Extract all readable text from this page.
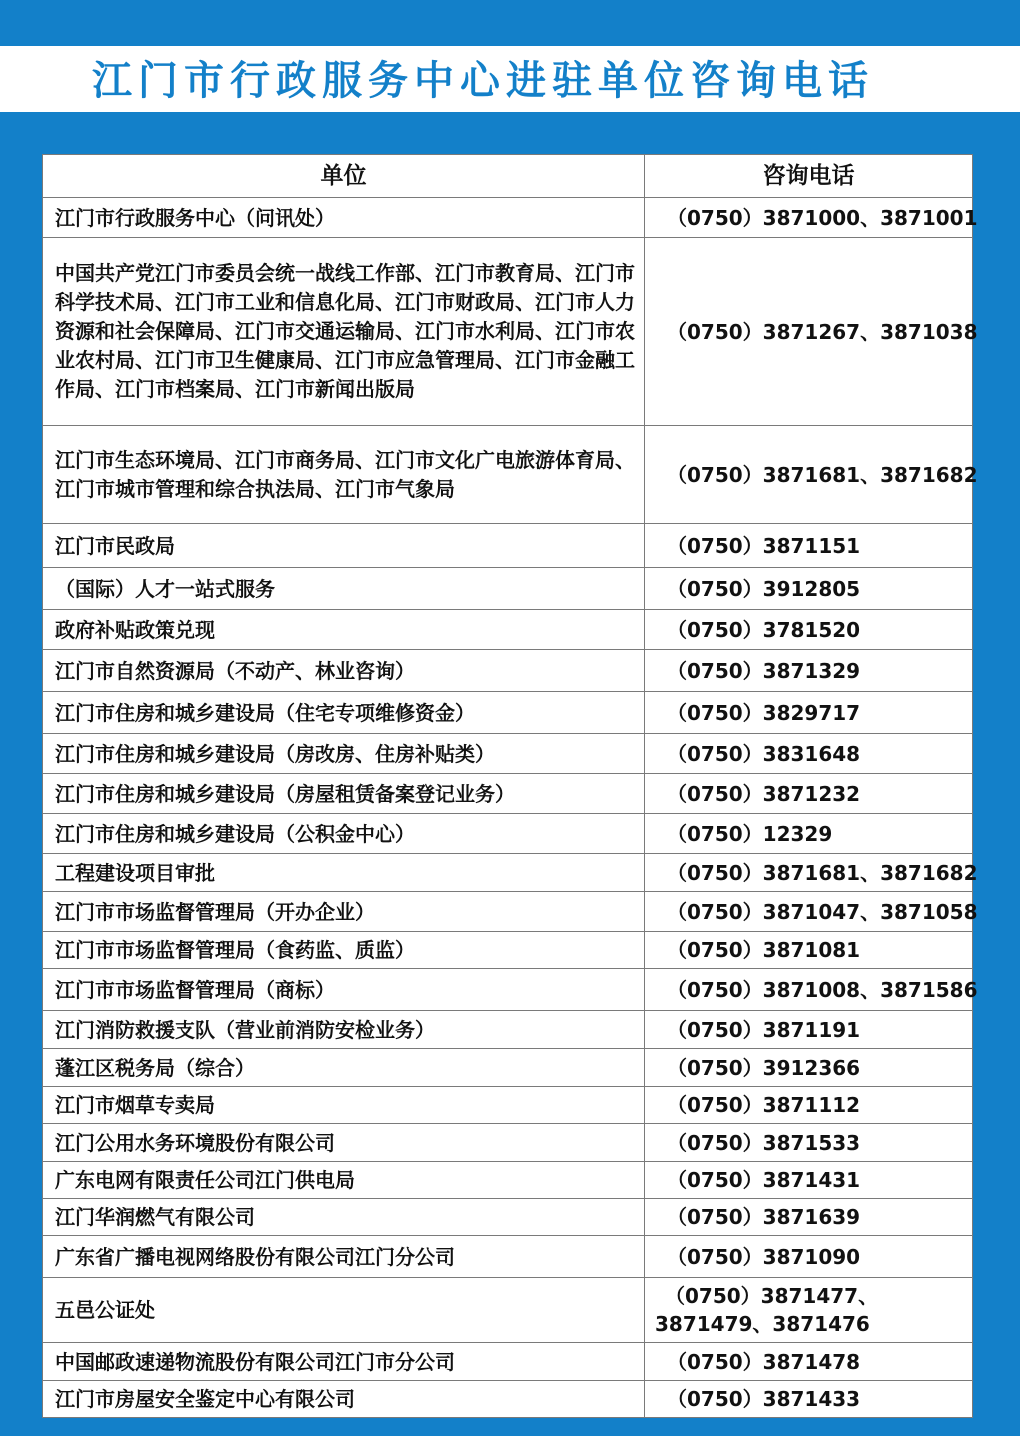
江门市行政服务中心进驻单位咨询电话
单位	咨询电话
江门市行政服务中心（问讯处）	（0750）3871000、3871001
中国共产党江门市委员会统一战线工作部、江门市教育局、江门市科学技术局、江门市工业和信息化局、江门市财政局、江门市人力资源和社会保障局、江门市交通运输局、江门市水利局、江门市农业农村局、江门市卫生健康局、江门市应急管理局、江门市金融工作局、江门市档案局、江门市新闻出版局	（0750）3871267、3871038
江门市生态环境局、江门市商务局、江门市文化广电旅游体育局、江门市城市管理和综合执法局、江门市气象局	（0750）3871681、3871682
江门市民政局	（0750）3871151
（国际）人才一站式服务	（0750）3912805
政府补贴政策兑现	（0750）3781520
江门市自然资源局（不动产、林业咨询）	（0750）3871329
江门市住房和城乡建设局（住宅专项维修资金）	（0750）3829717
江门市住房和城乡建设局（房改房、住房补贴类）	（0750）3831648
江门市住房和城乡建设局（房屋租赁备案登记业务）	（0750）3871232
江门市住房和城乡建设局（公积金中心）	（0750）12329
工程建设项目审批	（0750）3871681、3871682
江门市市场监督管理局（开办企业）	（0750）3871047、3871058
江门市市场监督管理局（食药监、质监）	（0750）3871081
江门市市场监督管理局（商标）	（0750）3871008、3871586
江门消防救援支队（营业前消防安检业务）	（0750）3871191
蓬江区税务局（综合）	（0750）3912366
江门市烟草专卖局	（0750）3871112
江门公用水务环境股份有限公司	（0750）3871533
广东电网有限责任公司江门供电局	（0750）3871431
江门华润燃气有限公司	（0750）3871639
广东省广播电视网络股份有限公司江门分公司	（0750）3871090
五邑公证处	（0750）3871477、3871479、3871476
中国邮政速递物流股份有限公司江门市分公司	（0750）3871478
江门市房屋安全鉴定中心有限公司	（0750）3871433
